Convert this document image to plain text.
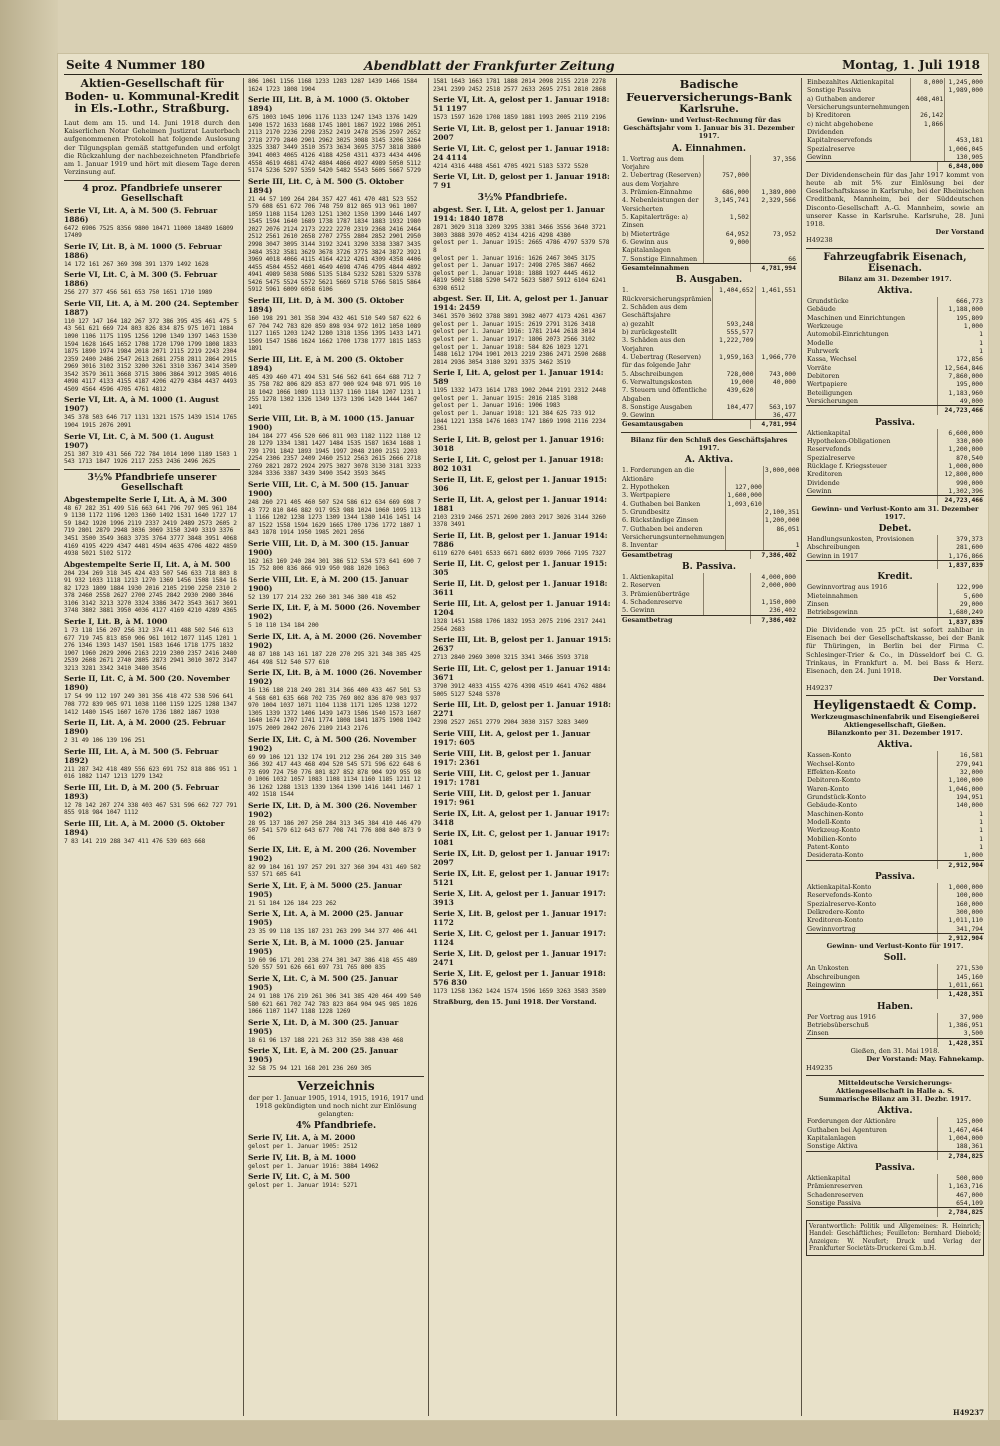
Seite 4 Nummer 180	Abendblatt der Frankfurter Zeitung	Montag, 1. Juli 1918
Aktien-Gesellschaft für Boden- u. Kommunal-Kredit in Els.-Lothr., Straßburg.
Laut dem am 15. und 14. Juni 1918 durch den Kaiserlichen Notar Geheimen Justizrat Lauterbach aufgenommenen Protokoll hat folgende Auslosung der Tilgungsplan gemäß stattgefunden und erfolgt die Rückzahlung der nachbezeichneten Pfandbriefe am 1. Januar 1919 und hört mit diesem Tage deren Verzinsung auf.
4 proz. Pfandbriefe unserer Gesellschaft
Serie VI, Lit. A, à M. 500 (5. Februar 1886)
6472 6906 7525 8356 9800 10471 11000 18489 16809 17409
Serie IV, Lit. B, à M. 1000 (5. Februar 1886)
14 172 161 267 369 398 391 1379 1492 1628
Serie VI, Lit. C, à M. 300 (5. Februar 1886)
256 277 377 456 561 653 750 1651 1710 1989
Serie VII, Lit. A, à M. 200 (24. September 1887)
110 127 147 164 182 267 372 386 395 435 461 475 543 561 621 669 724 803 826 834 875 975 1071 1084 1090 1106 1175 1195 1256 1290 1349 1397 1463 1530 1594 1628 1645 1652 1708 1720 1790 1799 1808 1833 1875 1890 1974 1984 2018 2071 2115 2219 2243 2304 2359 2400 2486 2547 2613 2681 2758 2811 2864 2915 2969 3016 3102 3152 3200 3261 3310 3367 3414 3509 3542 3579 3611 3668 3715 3806 3864 3912 3985 4016 4098 4117 4133 4155 4187 4206 4279 4384 4437 4493 4509 4564 4596 4705 4761 4812
Serie VI, Lit. A, à M. 1000 (1. August 1907)
345 378 503 646 717 1131 1321 1575 1439 1514 1765 1904 1915 2076 2091
Serie VI, Lit. C, à M. 500 (1. August 1907)
251 307 319 431 566 722 784 1014 1090 1189 1503 1543 1713 1847 1926 2117 2253 2436 2496 2625
3½% Pfandbriefe unserer Gesellschaft
Abgestempelte Serie I, Lit. A, à M. 300
48 67 282 351 499 516 663 641 796 797 905 961 1049 1130 1172 1196 1203 1360 1492 1531 1640 1727 1759 1842 1920 1996 2119 2337 2419 2489 2573 2605 2719 2801 2879 2948 3036 3069 3150 3249 3319 3376 3451 3500 3549 3683 3735 3764 3777 3848 3951 4068 4169 4195 4229 4347 4481 4594 4635 4706 4822 4859 4938 5021 5102 5172
Abgestempelte Serie II, Lit. A, à M. 500
204 234 269 318 345 424 433 507 546 633 718 803 891 932 1033 1118 1213 1270 1369 1456 1508 1584 1682 1723 1809 1884 1930 2016 2105 2190 2250 2310 2378 2460 2558 2627 2700 2745 2842 2930 2980 3046 3106 3142 3213 3270 3324 3386 3472 3543 3617 3691 3748 3802 3881 3950 4036 4127 4169 4210 4289 4365
Serie I, Lit. B, à M. 1000
1 73 118 156 207 256 312 374 411 488 502 546 613 677 719 745 813 850 906 961 1012 1077 1145 1201 1276 1346 1393 1437 1501 1583 1646 1718 1775 1832 1907 1960 2029 2096 2163 2219 2300 2357 2416 2480 2539 2608 2671 2740 2805 2873 2941 3010 3072 3147 3213 3281 3342 3410 3480 3546
Serie II, Lit. C, à M. 500 (20. November 1890)
17 54 99 112 197 249 301 356 418 472 538 596 641 708 772 839 905 971 1038 1100 1159 1225 1288 1347 1412 1480 1545 1607 1670 1736 1802 1867 1930
Serie II, Lit. A, à M. 2000 (25. Februar 1890)
2 31 49 106 139 196 251
Serie III, Lit. A, à M. 500 (5. Februar 1892)
211 287 342 418 489 556 623 691 752 818 886 951 1016 1082 1147 1213 1279 1342
Serie III, Lit. D, à M. 200 (5. Februar 1893)
12 78 142 207 274 338 403 467 531 596 662 727 791 855 918 984 1047 1112
Serie III, Lit. A, à M. 2000 (5. Oktober 1894)
7 83 141 219 288 347 411 476 539 603 668
806 1061 1156 1168 1233 1283 1287 1439 1466 1584 1624 1723 1808 1904
Serie III, Lit. B, à M. 1000 (5. Oktober 1894)
675 1003 1045 1096 1176 1133 1247 1343 1376 1429 1490 1572 1633 1688 1745 1801 1867 1922 1986 2051 2113 2170 2236 2298 2352 2419 2478 2536 2597 2652 2718 2779 2840 2901 2962 3025 3088 3145 3206 3264 3325 3387 3449 3510 3573 3634 3695 3757 3818 3880 3941 4003 4065 4126 4188 4250 4311 4373 4434 4496 4558 4619 4681 4742 4804 4866 4927 4989 5050 5112 5174 5236 5297 5359 5420 5482 5543 5605 5667 5729
Serie III, Lit. C, à M. 500 (5. Oktober 1894)
21 44 57 109 264 284 357 427 461 470 481 523 552 579 608 651 672 706 748 759 812 865 913 961 1007 1059 1108 1154 1203 1251 1302 1350 1399 1446 1497 1545 1594 1640 1689 1738 1787 1834 1883 1932 1980 2027 2076 2124 2173 2222 2270 2319 2368 2416 2464 2512 2561 2610 2658 2707 2755 2804 2852 2901 2950 2998 3047 3095 3144 3192 3241 3290 3338 3387 3435 3484 3532 3581 3629 3678 3726 3775 3824 3872 3921 3969 4018 4066 4115 4164 4212 4261 4309 4358 4406 4455 4504 4552 4601 4649 4698 4746 4795 4844 4892 4941 4989 5038 5086 5135 5184 5232 5281 5329 5378 5426 5475 5524 5572 5621 5669 5718 5766 5815 5864 5912 5961 6009 6058 6106
Serie III, Lit. D, à M. 300 (5. Oktober 1894)
160 198 291 301 358 394 432 461 510 549 587 622 667 704 742 783 820 859 898 934 972 1012 1050 1089 1127 1165 1203 1242 1280 1318 1356 1395 1433 1471 1509 1547 1586 1624 1662 1700 1738 1777 1815 1853 1891
Serie III, Lit. E, à M. 200 (5. Oktober 1894)
405 439 460 471 494 531 546 562 641 664 688 712 735 758 782 806 829 853 877 900 924 948 971 995 1018 1042 1066 1089 1113 1137 1160 1184 1207 1231 1255 1278 1302 1326 1349 1373 1396 1420 1444 1467 1491
Serie VIII, Lit. B, à M. 1000 (15. Januar 1900)
104 184 277 456 520 606 811 903 1182 1122 1180 1228 1279 1334 1381 1427 1484 1535 1587 1634 1688 1739 1791 1842 1893 1945 1997 2048 2100 2151 2203 2254 2306 2357 2409 2460 2512 2563 2615 2666 2718 2769 2821 2872 2924 2975 3027 3078 3130 3181 3233 3284 3336 3387 3439 3490 3542 3593 3645
Serie VIII, Lit. C, à M. 500 (15. Januar 1900)
248 260 271 405 460 507 524 586 612 634 669 698 743 772 810 846 882 917 953 988 1024 1060 1095 1131 1166 1202 1238 1273 1309 1344 1380 1416 1451 1487 1522 1558 1594 1629 1665 1700 1736 1772 1807 1843 1878 1914 1950 1985 2021 2056
Serie VIII, Lit. D, à M. 300 (15. Januar 1900)
162 163 169 240 284 301 386 512 534 573 641 690 715 752 800 836 866 919 950 988 1020 1063
Serie VIII, Lit. E, à M. 200 (15. Januar 1900)
52 139 177 214 232 260 301 346 380 418 452
Serie IX, Lit. F, à M. 5000 (26. November 1902)
5 10 110 134 184 200
Serie IX, Lit. A, à M. 2000 (26. November 1902)
48 87 108 143 161 187 220 270 295 321 348 385 425 464 498 512 540 577 610
Serie IX, Lit. B, à M. 1000 (26. November 1902)
16 136 180 218 249 281 314 366 400 433 467 501 534 568 601 635 668 702 735 769 802 836 870 903 937 970 1004 1037 1071 1104 1138 1171 1205 1238 1272 1305 1339 1372 1406 1439 1473 1506 1540 1573 1607 1640 1674 1707 1741 1774 1808 1841 1875 1908 1942 1975 2009 2042 2076 2109 2143 2176
Serie IX, Lit. C, à M. 500 (26. November 1902)
69 99 106 121 132 174 191 212 236 264 289 315 340 366 392 417 443 468 494 520 545 571 596 622 648 673 699 724 750 776 801 827 852 878 904 929 955 980 1006 1032 1057 1083 1108 1134 1160 1185 1211 1236 1262 1288 1313 1339 1364 1390 1416 1441 1467 1492 1518 1544
Serie IX, Lit. D, à M. 300 (26. November 1902)
28 95 137 186 207 250 284 313 345 384 410 446 479 507 541 579 612 643 677 708 741 776 808 840 873 906
Serie IX, Lit. E, à M. 200 (26. November 1902)
82 99 104 161 197 257 291 327 360 394 431 469 502 537 571 605 641
Serie X, Lit. F, à M. 5000 (25. Januar 1905)
21 51 104 126 184 223 262
Serie X, Lit. A, à M. 2000 (25. Januar 1905)
23 35 99 118 135 187 231 263 299 344 377 406 441
Serie X, Lit. B, à M. 1000 (25. Januar 1905)
19 60 96 171 201 238 274 301 347 386 418 455 489 520 557 591 626 661 697 731 765 800 835
Serie X, Lit. C, à M. 500 (25. Januar 1905)
24 91 108 176 219 261 306 341 385 420 464 499 540 580 621 661 702 742 783 823 864 904 945 985 1026 1066 1107 1147 1188 1228 1269
Serie X, Lit. D, à M. 300 (25. Januar 1905)
18 61 96 137 188 221 263 312 350 388 430 468
Serie X, Lit. E, à M. 200 (25. Januar 1905)
32 58 75 94 121 168 201 236 269 305
Verzeichnis
der per 1. Januar 1905, 1914, 1915, 1916, 1917 und 1918 gekündigten und noch nicht zur Einlösung gelangten:
4% Pfandbriefe.
Serie IV, Lit. A, à M. 2000
gelost per 1. Januar 1905: 2512
Serie IV, Lit. B, à M. 1000
gelost per 1. Januar 1916: 3884 14962
Serie IV, Lit. C, à M. 500
gelost per 1. Januar 1914: 5271
1581 1643 1663 1781 1888 2014 2098 2155 2210 2278 2341 2399 2452 2518 2577 2633 2695 2751 2810 2868
Serie VI, Lit. A, gelost per 1. Januar 1918: 51 1197
1573 1597 1620 1708 1859 1881 1993 2005 2119 2196
Serie VI, Lit. B, gelost per 1. Januar 1918: 2007
Serie VI, Lit. C, gelost per 1. Januar 1918: 24 4114
4214 4316 4488 4561 4705 4921 5183 5372 5520
Serie VI, Lit. D, gelost per 1. Januar 1918: 7 91
3½% Pfandbriefe.
abgest. Ser. I, Lit. A, gelost per 1. Januar 1914: 1840 1878
2871 3029 3118 3209 3295 3381 3466 3556 3640 3721 3803 3888 3970 4052 4134 4216 4298 4380
gelost per 1. Januar 1915: 2665 4786 4797 5379 5788
gelost per 1. Januar 1916: 1626 2467 3045 3175
gelost per 1. Januar 1917: 2498 2705 3867 4662
gelost per 1. Januar 1918: 1888 1927 4445 4612
4819 5002 5188 5290 5472 5623 5807 5912 6104 6241 6398 6512
abgest. Ser. II, Lit. A, gelost per 1. Januar 1914: 2459
3461 3570 3692 3788 3891 3982 4077 4173 4261 4367
gelost per 1. Januar 1915: 2619 2791 3126 3418
gelost per 1. Januar 1916: 1781 2144 2618 3014
gelost per 1. Januar 1917: 1806 2073 2566 3102
gelost per 1. Januar 1918: 584 826 1023 1271
1488 1612 1794 1901 2013 2219 2386 2471 2590 2688 2814 2936 3054 3180 3291 3375 3462 3519
Serie I, Lit. A, gelost per 1. Januar 1914: 589
1195 1332 1473 1614 1783 1902 2044 2191 2312 2448
gelost per 1. Januar 1915: 2016 2185 3108
gelost per 1. Januar 1916: 1906 1983
gelost per 1. Januar 1918: 121 384 625 733 912
1044 1221 1358 1476 1603 1747 1869 1998 2116 2234 2361
Serie I, Lit. B, gelost per 1. Januar 1916: 3018
Serie I, Lit. C, gelost per 1. Januar 1918: 802 1031
Serie II, Lit. E, gelost per 1. Januar 1915: 306
Serie II, Lit. A, gelost per 1. Januar 1914: 1881
2103 2319 2466 2571 2690 2803 2917 3026 3144 3260 3378 3491
Serie II, Lit. B, gelost per 1. Januar 1914: 7886
6119 6270 6401 6533 6671 6802 6939 7066 7195 7327
Serie II, Lit. C, gelost per 1. Januar 1915: 305
Serie II, Lit. D, gelost per 1. Januar 1918: 3611
Serie III, Lit. A, gelost per 1. Januar 1914: 1204
1328 1451 1588 1706 1832 1953 2075 2196 2317 2441 2564 2683
Serie III, Lit. B, gelost per 1. Januar 1915: 2637
2713 2840 2969 3090 3215 3341 3466 3593 3718
Serie III, Lit. C, gelost per 1. Januar 1914: 3671
3790 3912 4033 4155 4276 4398 4519 4641 4762 4884 5005 5127 5248 5370
Serie III, Lit. D, gelost per 1. Januar 1918: 2271
2398 2527 2651 2779 2904 3030 3157 3283 3409
Serie VIII, Lit. A, gelost per 1. Januar 1917: 605
Serie VIII, Lit. B, gelost per 1. Januar 1917: 2361
Serie VIII, Lit. C, gelost per 1. Januar 1917: 1781
Serie VIII, Lit. D, gelost per 1. Januar 1917: 961
Serie IX, Lit. A, gelost per 1. Januar 1917: 3418
Serie IX, Lit. C, gelost per 1. Januar 1917: 1081
Serie IX, Lit. D, gelost per 1. Januar 1917: 2097
Serie IX, Lit. E, gelost per 1. Januar 1917: 5121
Serie X, Lit. A, gelost per 1. Januar 1917: 3913
Serie X, Lit. B, gelost per 1. Januar 1917: 1172
Serie X, Lit. C, gelost per 1. Januar 1917: 1124
Serie X, Lit. D, gelost per 1. Januar 1917: 2471
Serie X, Lit. E, gelost per 1. Januar 1918: 576 830
1173 1258 1362 1424 1574 1596 1659 3263 3583 3589
Straßburg, den 15. Juni 1918. Der Vorstand.
Badische Feuerversicherungs-Bank
Karlsruhe.
Gewinn- und Verlust-Rechnung für das Geschäftsjahr vom 1. Januar bis 31. Dezember 1917.
A. Einnahmen.
1. Vortrag aus dem Vorjahre		37,356
2. Uebertrag (Reserven) aus dem Vorjahre	757,000	
3. Prämien-Einnahme	686,000	1,389,000
4. Nebenleistungen der Versicherten	3,145,741	2,329,566
5. Kapitalerträge: a) Zinsen	1,502	
b) Mieterträge	64,952	73,952
6. Gewinn aus Kapitalanlagen	9,000	
7. Sonstige Einnahmen		66
Gesamteinnahmen	4,781,994
B. Ausgaben.
1. Rückversicherungsprämien	1,404,652	1,461,551
2. Schäden aus dem Geschäftsjahre		
a) gezahlt	593,248	
b) zurückgestellt	555,577	
3. Schäden aus den Vorjahren	1,222,709	
4. Uebertrag (Reserven) für das folgende Jahr	1,959,163	1,966,770
5. Abschreibungen	728,000	743,000
6. Verwaltungskosten	19,000	40,000
7. Steuern und öffentliche Abgaben	439,620	
8. Sonstige Ausgaben	104,477	563,197
9. Gewinn		36,477
Gesamtausgaben	4,781,994
Bilanz für den Schluß des Geschäftsjahres 1917.
A. Aktiva.
1. Forderungen an die Aktionäre		3,000,000
2. Hypotheken	127,000	
3. Wertpapiere	1,600,000	
4. Guthaben bei Banken	1,093,610	
5. Grundbesitz		2,100,351
6. Rückständige Zinsen		1,200,000
7. Guthaben bei anderen Versicherungsunternehmungen		86,051
8. Inventar		1
Gesamtbetrag	7,386,402
B. Passiva.
1. Aktienkapital		4,000,000
2. Reserven		2,000,000
3. Prämienüberträge		
4. Schadenreserve		1,150,000
5. Gewinn		236,402
Gesamtbetrag	7,386,402
Einbezahltes Aktienkapital	8,000	1,245,000
Sonstige Passiva		1,989,000
a) Guthaben anderer Versicherungsunternehmungen	408,401	
b) Kreditoren	26,142	
c) nicht abgehobene Dividenden	1,866	
Kapitalreservefonds		453,181
Spezialreserve		1,006,045
Gewinn		130,905
	6,848,000
Der Dividendenschein für das Jahr 1917 kommt von heute ab mit 5% zur Einlösung bei der Gesellschaftskasse in Karlsruhe, bei der Rheinischen Creditbank, Mannheim, bei der Süddeutschen Disconto-Gesellschaft A.-G. Mannheim, sowie an unserer Kasse in Karlsruhe. Karlsruhe, 28. Juni 1918.
Der Vorstand
H49238
Fahrzeugfabrik Eisenach, Eisenach.
Bilanz am 31. Dezember 1917.
Aktiva.
Grundstücke	666,773
Gebäude	1,188,000
Maschinen und Einrichtungen	195,809
Werkzeuge	1,000
Automobil-Einrichtungen	1
Modelle	1
Fuhrwerk	1
Kassa, Wechsel	172,856
Vorräte	12,564,846
Debitoren	7,860,000
Wertpapiere	195,000
Beteiligungen	1,183,960
Versicherungen	49,000
	24,723,466
Passiva.
Aktienkapital	6,600,000
Hypotheken-Obligationen	330,000
Reservefonds	1,200,000
Spezialreserve	870,540
Rücklage f. Kriegssteuer	1,000,000
Kreditoren	12,800,000
Dividende	990,000
Gewinn	1,302,396
	24,723,466
Gewinn- und Verlust-Konto am 31. Dezember 1917.
Debet.
Handlungsunkosten, Provisionen	379,373
Abschreibungen	281,600
Gewinn in 1917	1,176,866
	1,837,839
Kredit.
Gewinnvortrag aus 1916	122,990
Mieteinnahmen	5,600
Zinsen	29,000
Betriebsgewinn	1,680,249
	1,837,839
Die Dividende von 25 pCt. ist sofort zahlbar in Eisenach bei der Gesellschaftskasse, bei der Bank für Thüringen, in Berlin bei der Firma C. Schlesinger-Trier & Co., in Düsseldorf bei C. G. Trinkaus, in Frankfurt a. M. bei Bass & Herz. Eisenach, den 24. Juni 1918.
Der Vorstand.
H49237
Heyligenstaedt & Comp.
Werkzeugmaschinenfabrik und Eisengießerei
Aktiengesellschaft, Gießen.
Bilanzkonto per 31. Dezember 1917.
Aktiva.
Kassen-Konto	16,581
Wechsel-Konto	279,941
Effekten-Konto	32,000
Debitoren-Konto	1,100,000
Waren-Konto	1,046,000
Grundstück-Konto	194,951
Gebäude-Konto	140,000
Maschinen-Konto	1
Modell-Konto	1
Werkzeug-Konto	1
Mobilien-Konto	1
Patent-Konto	1
Desiderata-Konto	1,000
	2,912,904
Passiva.
Aktienkapital-Konto	1,000,000
Reservefonds-Konto	100,000
Spezialreserve-Konto	160,000
Delkredere-Konto	300,000
Kreditoren-Konto	1,011,110
Gewinnvortrag	341,794
	2,912,904
Gewinn- und Verlust-Konto für 1917.
Soll.
An Unkosten	271,530
Abschreibungen	145,160
Reingewinn	1,011,661
	1,428,351
Haben.
Per Vortrag aus 1916	37,900
Betriebsüberschuß	1,386,951
Zinsen	3,500
	1,428,351
Gießen, den 31. Mai 1918.
Der Vorstand: May. Fahnekamp.
H49235
Mitteldeutsche Versicherungs-Aktiengesellschaft in Halle a. S.
Summarische Bilanz am 31. Dezbr. 1917.
Aktiva.
Forderungen der Aktionäre	125,000
Guthaben bei Agenturen	1,467,464
Kapitalanlagen	1,004,000
Sonstige Aktiva	188,361
	2,784,825
Passiva.
Aktienkapital	500,000
Prämienreserven	1,163,716
Schadenreserven	467,000
Sonstige Passiva	654,109
	2,784,825
Verantwortlich: Politik und Allgemeines: R. Heinrich; Handel: Geschäftliches; Feuilleton: Bernhard Diebold; Anzeigen: W. Neufert; Druck und Verlag der Frankfurter Societäts-Druckerei G.m.b.H.
H49237
